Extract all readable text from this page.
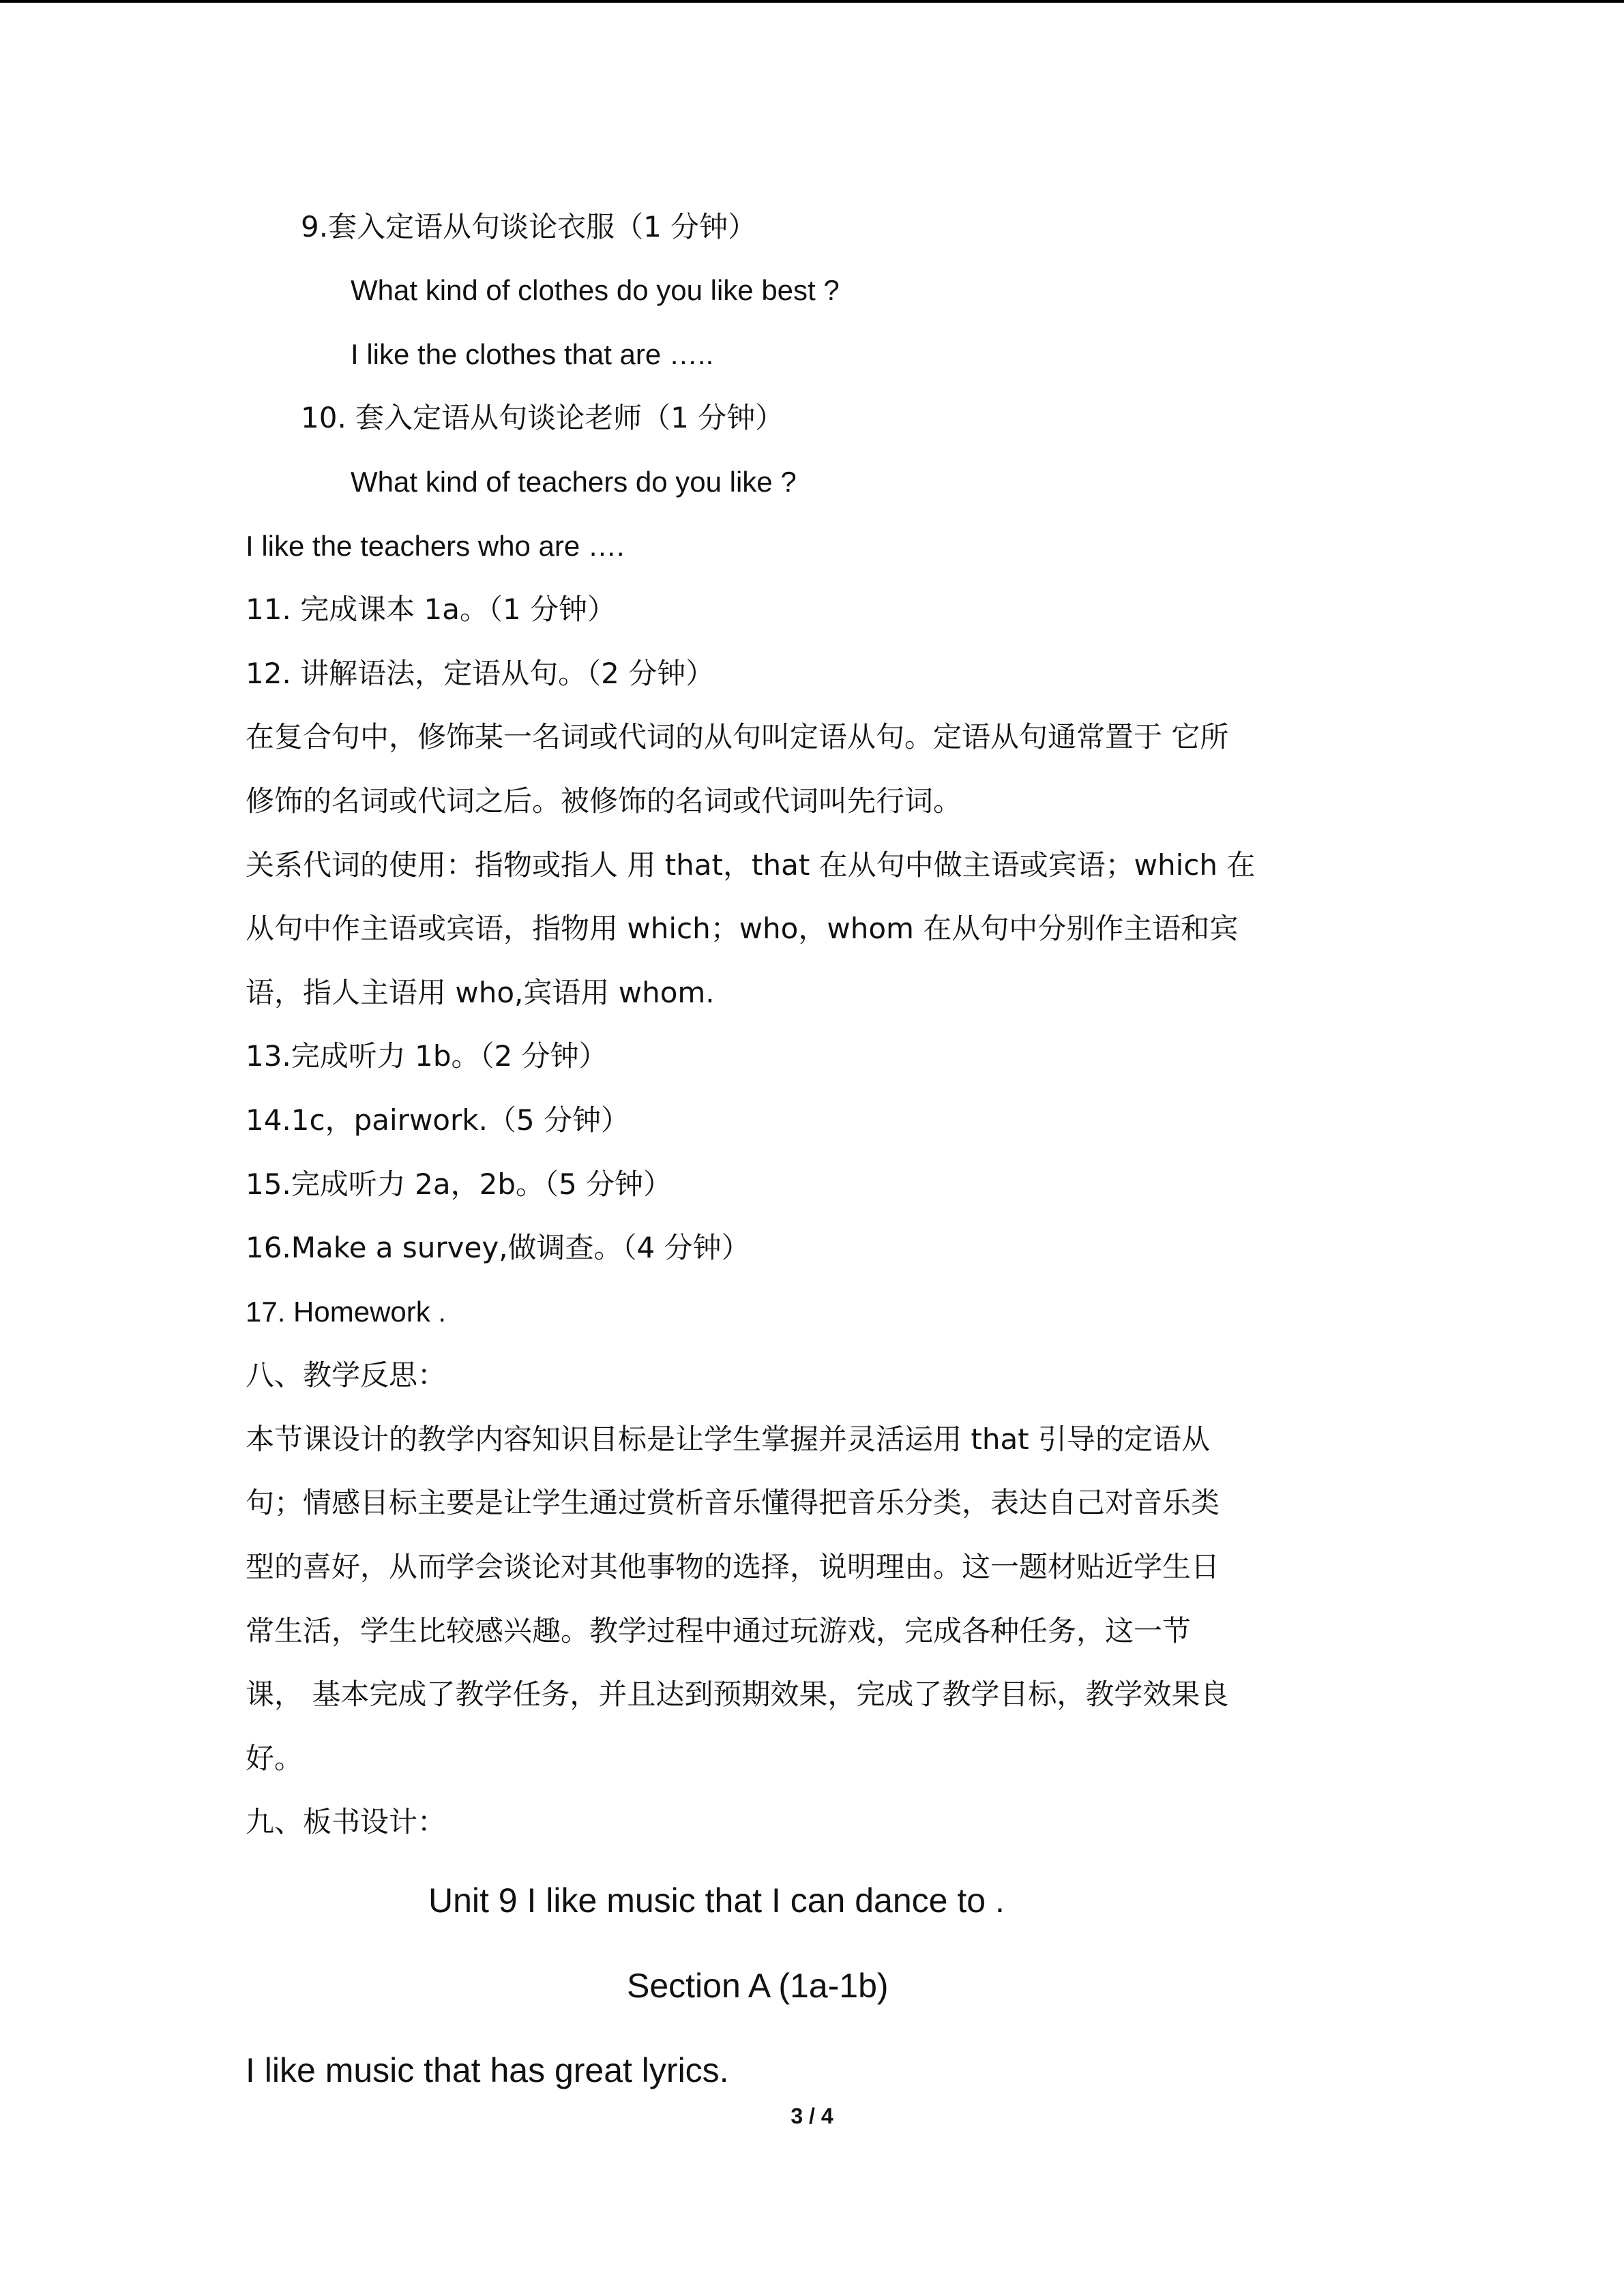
9.套入定语从句谈论衣服（1 分钟）
What kind of clothes do you like best ?
I like the clothes that are …..
10. 套入定语从句谈论老师（1 分钟）
What kind of teachers do you like ?
I like the teachers who are ….
11. 完成课本 1a。（1 分钟）
12. 讲解语法，定语从句。（2 分钟）
在复合句中，修饰某一名词或代词的从句叫定语从句。定语从句通常置于 它所
修饰的名词或代词之后。被修饰的名词或代词叫先行词。
关系代词的使用：指物或指人 用 that，that 在从句中做主语或宾语；which 在
从句中作主语或宾语，指物用 which；who，whom 在从句中分别作主语和宾
语，指人主语用 who,宾语用 whom.
13.完成听力 1b。（2 分钟）
14.1c，pairwork.（5 分钟）
15.完成听力 2a，2b。（5 分钟）
16.Make a survey,做调查。（4 分钟）
17. Homework .
八、教学反思：
本节课设计的教学内容知识目标是让学生掌握并灵活运用 that 引导的定语从
句；情感目标主要是让学生通过赏析音乐懂得把音乐分类，表达自己对音乐类
型的喜好，从而学会谈论对其他事物的选择，说明理由。这一题材贴近学生日
常生活，学生比较感兴趣。教学过程中通过玩游戏，完成各种任务，这一节
课， 基本完成了教学任务，并且达到预期效果，完成了教学目标，教学效果良
好。
九、板书设计：
Unit 9 I like music that I can dance to .
Section A (1a-1b)
I like music that has great lyrics.
3 / 4
